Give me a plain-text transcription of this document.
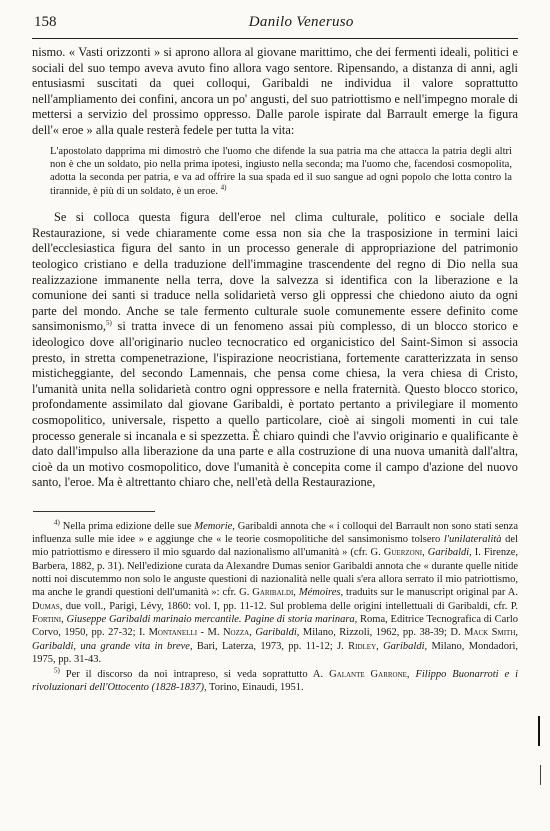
158	Danilo Veneruso

nismo. « Vasti orizzonti » si aprono allora al giovane marittimo, che dei fermenti ideali, politici e sociali del suo tempo aveva avuto fino allora vago sentore. Ripensando, a distanza di anni, agli entusiasmi suscitati da quei colloqui, Garibaldi ne individua il valore soprattutto nell'ampliamento dei confini, ancora un po' angusti, del suo patriottismo e nell'impegno morale di mettersi a servizio del prossimo oppresso. Dalle parole ispirate dal Barrault emerge la figura dell'« eroe » alla quale resterà fedele per tutta la vita:

L'apostolato dapprima mi dimostrò che l'uomo che difende la sua patria ma che attacca la patria degli altri non è che un soldato, pio nella prima ipotesi, ingiusto nella seconda; ma l'uomo che, facendosi cosmopolita, adotta la seconda per patria, e va ad offrire la sua spada ed il suo sangue ad ogni popolo che lotta contro la tirannide, è più di un soldato, è un eroe. $^{4)}$

Se si colloca questa figura dell'eroe nel clima culturale, politico e sociale della Restaurazione, si vede chiaramente come essa non sia che la trasposizione in termini laici dell'ecclesiastica figura del santo in un processo generale di appropriazione del patrimonio teologico cristiano e della traduzione dell'immagine trascendente del regno di Dio nella sua realizzazione immanente nella terra, dove la salvezza si identifica con la liberazione e la comunione dei santi si traduce nella solidarietà verso gli oppressi che chiedono aiuto da ogni parte del mondo. Anche se tale fermento culturale suole comunemente essere definito come sansimonismo,$^{5)}$ si tratta invece di un fenomeno assai più complesso, di un blocco storico e ideologico dove all'originario nucleo tecnocratico ed organicistico del Saint-Simon si associa presto, in stretta compenetrazione, l'ispirazione neocristiana, fortemente caratterizzata in senso misticheggiante, del secondo Lamennais, che pensa come chiesa, la vera chiesa di Cristo, l'umanità unita nella solidarietà contro ogni oppressore e nella fraternità. Questo blocco storico, profondamente assimilato dal giovane Garibaldi, è portato pertanto a privilegiare il momento cosmopolitico, universale, rispetto a quello particolare, cioè ai singoli momenti in cui tale processo generale si incanala e si spezzetta. È chiaro quindi che l'avvio originario e qualificante è dato dall'impulso alla liberazione da una parte e alla costruzione di una nuova umanità dall'altra, cioè da un motivo cosmopolitico, dove l'umanità è concepita come il campo d'azione del nuovo santo, l'eroe. Ma è altrettanto chiaro che, nell'età della Restaurazione,

$^{4)}$ Nella prima edizione delle sue Memorie, Garibaldi annota che « i colloqui del Barrault non sono stati senza influenza sulle mie idee » e aggiunge che « le teorie cosmopolitiche del sansimonismo tolsero l'unilateralità del mio patriottismo e diressero il mio sguardo dal nazionalismo all'umanità » (cfr. G. Guerzoni, Garibaldi, I. Firenze, Barbera, 1882, p. 31). Nell'edizione curata da Alexandre Dumas senior Garibaldi annota che « durante quelle nitide notti noi discutemmo non solo le anguste questioni di nazionalità nelle quali s'era allora serrato il mio patriottismo, ma anche le grandi questioni dell'umanità »: cfr. G. Garibaldi, Mémoires, traduits sur le manuscript original par A. Dumas, due voll., Parigi, Lévy, 1860: vol. I, pp. 11-12. Sul problema delle origini intellettuali di Garibaldi, cfr. P. Fortini, Giuseppe Garibaldi marinaio mercantile. Pagine di storia marinara, Roma, Editrice Tecnografica di Carlo Corvo, 1950, pp. 27-32; I. Montanelli - M. Nozza, Garibaldi, Milano, Rizzoli, 1962, pp. 38-39; D. Mack Smith, Garibaldi, una grande vita in breve, Bari, Laterza, 1973, pp. 11-12; J. Ridley, Garibaldi, Milano, Mondadori, 1975, pp. 31-43.

$^{5)}$ Per il discorso da noi intrapreso, si veda soprattutto A. Galante Garrone, Filippo Buonarroti e i rivoluzionari dell'Ottocento (1828-1837), Torino, Einaudi, 1951.
